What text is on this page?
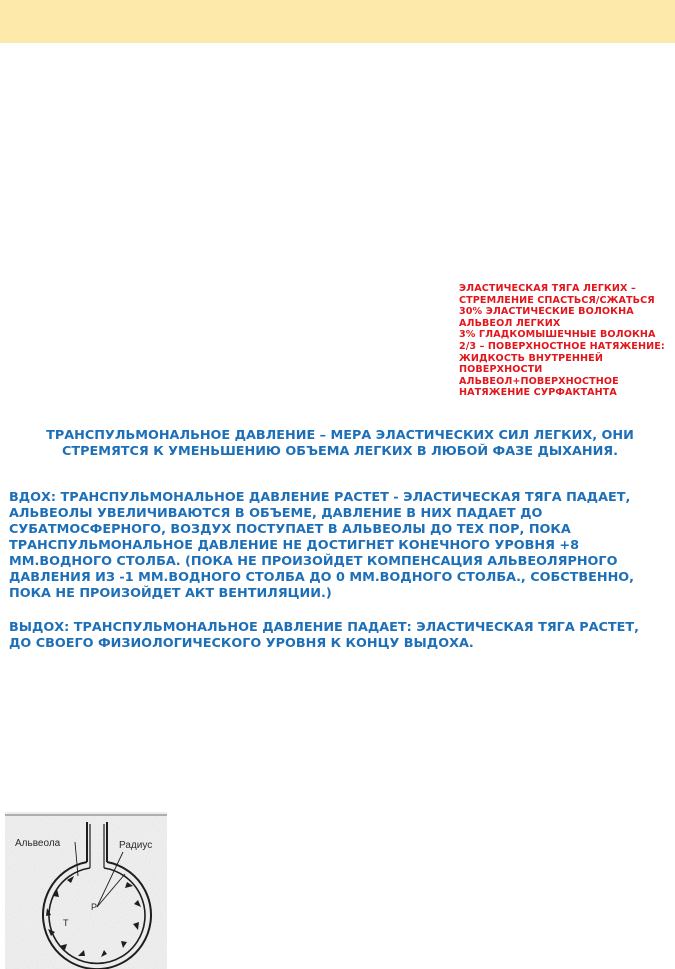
ЭЛАСТИЧЕСКАЯ ТЯГА ЛЕГКИХ –
СТРЕМЛЕНИЕ СПАСТЬСЯ/СЖАТЬСЯ
30% ЭЛАСТИЧЕСКИЕ ВОЛОКНА
АЛЬВЕОЛ ЛЕГКИХ
3% ГЛАДКОМЫШЕЧНЫЕ ВОЛОКНА
2/3 – ПОВЕРХНОСТНОЕ НАТЯЖЕНИЕ:
ЖИДКОСТЬ ВНУТРЕННЕЙ
ПОВЕРХНОСТИ
АЛЬВЕОЛ+ПОВЕРХНОСТНОЕ
НАТЯЖЕНИЕ СУРФАКТАНТА
ТРАНСПУЛЬМОНАЛЬНОЕ ДАВЛЕНИЕ – МЕРА ЭЛАСТИЧЕСКИХ СИЛ ЛЕГКИХ, ОНИ
СТРЕМЯТСЯ К УМЕНЬШЕНИЮ ОБЪЕМА ЛЕГКИХ В ЛЮБОЙ ФАЗЕ ДЫХАНИЯ.
ВДОХ: ТРАНСПУЛЬМОНАЛЬНОЕ ДАВЛЕНИЕ РАСТЕТ - ЭЛАСТИЧЕСКАЯ ТЯГА ПАДАЕТ,
АЛЬВЕОЛЫ УВЕЛИЧИВАЮТСЯ В ОБЪЕМЕ, ДАВЛЕНИЕ В НИХ ПАДАЕТ ДО
СУБАТМОСФЕРНОГО, ВОЗДУХ ПОСТУПАЕТ В АЛЬВЕОЛЫ ДО ТЕХ ПОР, ПОКА
ТРАНСПУЛЬМОНАЛЬНОЕ ДАВЛЕНИЕ НЕ ДОСТИГНЕТ КОНЕЧНОГО УРОВНЯ +8
ММ.ВОДНОГО СТОЛБА. (ПОКА НЕ ПРОИЗОЙДЕТ КОМПЕНСАЦИЯ АЛЬВЕОЛЯРНОГО
ДАВЛЕНИЯ ИЗ -1 ММ.ВОДНОГО СТОЛБА ДО 0 ММ.ВОДНОГО СТОЛБА., СОБСТВЕННО,
ПОКА НЕ ПРОИЗОЙДЕТ АКТ ВЕНТИЛЯЦИИ.)
ВЫДОХ: ТРАНСПУЛЬМОНАЛЬНОЕ ДАВЛЕНИЕ ПАДАЕТ: ЭЛАСТИЧЕСКАЯ ТЯГА РАСТЕТ,
ДО СВОЕГО ФИЗИОЛОГИЧЕСКОГО УРОВНЯ К КОНЦУ ВЫДОХА.
Альвеола	Радиус
P
T
